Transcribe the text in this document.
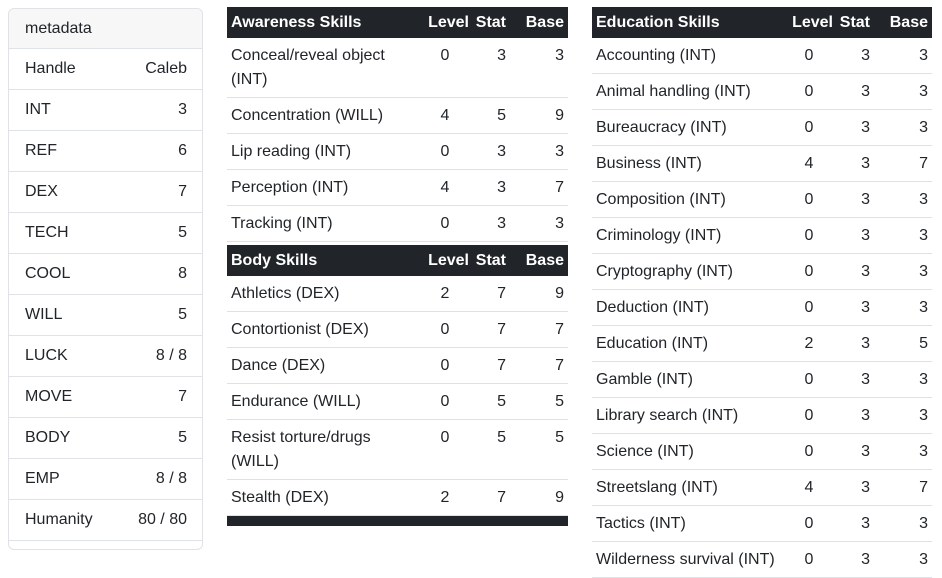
metadata
Handle	Caleb
INT	3
REF	6
DEX	7
TECH	5
COOL	8
WILL	5
LUCK	8 / 8
MOVE	7
BODY	5
EMP	8 / 8
Humanity	80 / 80
Awareness Skills	Level	Stat	Base
Conceal/reveal object (INT)	0	3	3
Concentration (WILL)	4	5	9
Lip reading (INT)	0	3	3
Perception (INT)	4	3	7
Tracking (INT)	0	3	3
Body Skills	Level	Stat	Base
Athletics (DEX)	2	7	9
Contortionist (DEX)	0	7	7
Dance (DEX)	0	7	7
Endurance (WILL)	0	5	5
Resist torture/drugs (WILL)	0	5	5
Stealth (DEX)	2	7	9
Education Skills	Level	Stat	Base
Accounting (INT)	0	3	3
Animal handling (INT)	0	3	3
Bureaucracy (INT)	0	3	3
Business (INT)	4	3	7
Composition (INT)	0	3	3
Criminology (INT)	0	3	3
Cryptography (INT)	0	3	3
Deduction (INT)	0	3	3
Education (INT)	2	3	5
Gamble (INT)	0	3	3
Library search (INT)	0	3	3
Science (INT)	0	3	3
Streetslang (INT)	4	3	7
Tactics (INT)	0	3	3
Wilderness survival (INT)	0	3	3
